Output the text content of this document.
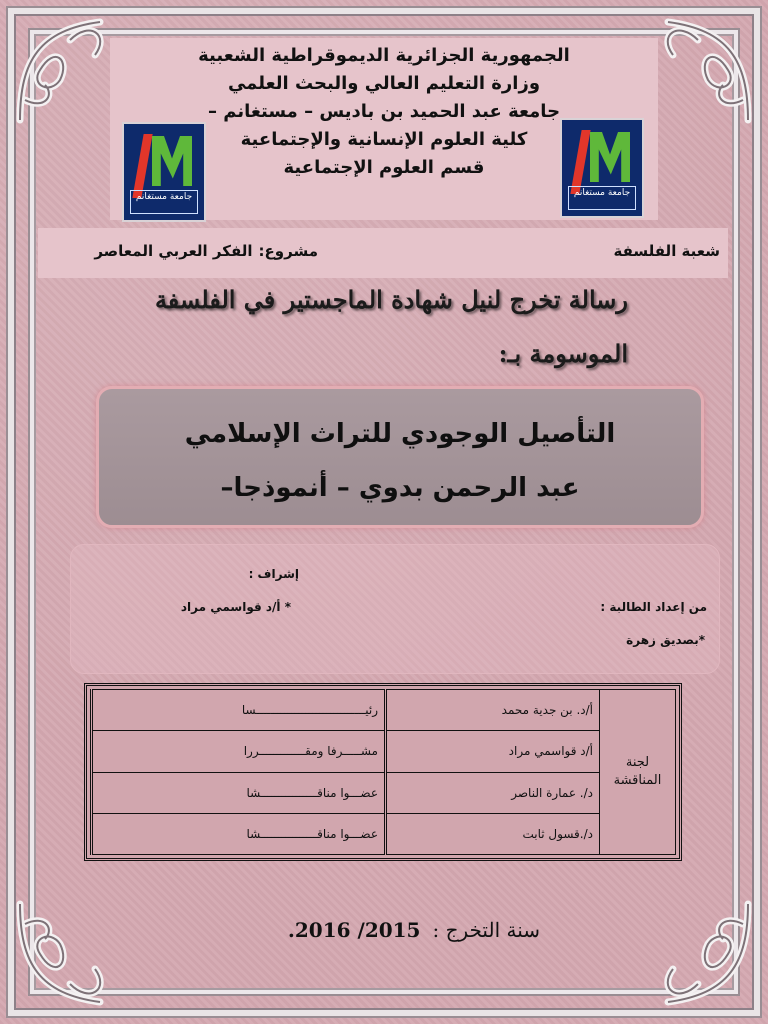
الجمهورية الجزائرية الديموقراطية الشعبية
وزارة التعليم العالي والبحث العلمي
جامعة عبد الحميد بن باديس – مستغانم –
كلية العلوم الإنسانية والإجتماعية
قسم العلوم الإجتماعية
جامعة مستغانم	جامعة مستغانم
شعبة الفلسفة
مشروع:الفكر العربي المعاصر
رسالة تخرج لنيل شهادة الماجستير في الفلسفة
الموسومة بـ:
التأصيل الوجودي للتراث الإسلامي
عبد الرحمن بدوي – أنموذجا–
إشراف :
من إعداد الطالبة :
* أ/د قواسمي مراد
*بصديق زهرة
لجنة
المناقشة	أ/د. بن جدية محمد	رئيـــــــــــــــــــــــــــــــسا
	أ/د قواسمي مراد	مشـــــرفا ومقـــــــــــــررا
	د/. عمارة الناصر	عضـــوا مناقــــــــــــــــشا
	د/.قسول ثابت	عضـــوا مناقــــــــــــــــشا
سنة التخرج :2015/ 2016.
